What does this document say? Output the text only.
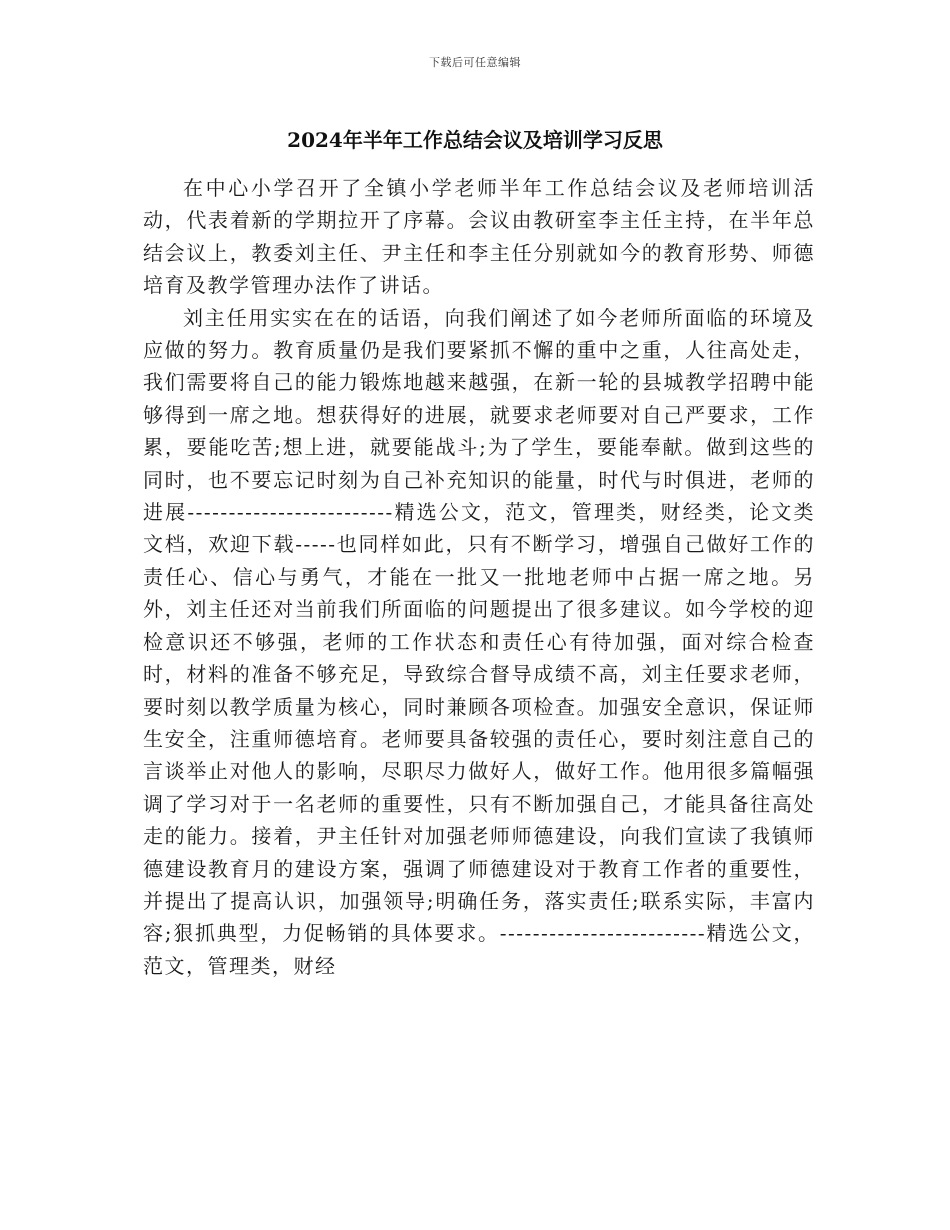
下载后可任意编辑
2024年半年工作总结会议及培训学习反思

在中心小学召开了全镇小学老师半年工作总结会议及老师培训活动，代表着新的学期拉开了序幕。会议由教研室李主任主持，在半年总结会议上，教委刘主任、尹主任和李主任分别就如今的教育形势、师德培育及教学管理办法作了讲话。

刘主任用实实在在的话语，向我们阐述了如今老师所面临的环境及应做的努力。教育质量仍是我们要紧抓不懈的重中之重，人往高处走，我们需要将自己的能力锻炼地越来越强，在新一轮的县城教学招聘中能够得到一席之地。想获得好的进展，就要求老师要对自己严要求，工作累，要能吃苦;想上进，就要能战斗;为了学生，要能奉献。做到这些的同时，也不要忘记时刻为自己补充知识的能量，时代与时俱进，老师的进展-------------------------精选公文，范文，管理类，财经类，论文类文档，欢迎下载-----也同样如此，只有不断学习，增强自己做好工作的责任心、信心与勇气，才能在一批又一批地老师中占据一席之地。另外，刘主任还对当前我们所面临的问题提出了很多建议。如今学校的迎检意识还不够强，老师的工作状态和责任心有待加强，面对综合检查时，材料的准备不够充足，导致综合督导成绩不高，刘主任要求老师，要时刻以教学质量为核心，同时兼顾各项检查。加强安全意识，保证师生安全，注重师德培育。老师要具备较强的责任心，要时刻注意自己的言谈举止对他人的影响，尽职尽力做好人，做好工作。他用很多篇幅强调了学习对于一名老师的重要性，只有不断加强自己，才能具备往高处走的能力。接着，尹主任针对加强老师师德建设，向我们宣读了我镇师德建设教育月的建设方案，强调了师德建设对于教育工作者的重要性，并提出了提高认识，加强领导;明确任务，落实责任;联系实际，丰富内容;狠抓典型，力促畅销的具体要求。-------------------------精选公文，范文，管理类，财经
